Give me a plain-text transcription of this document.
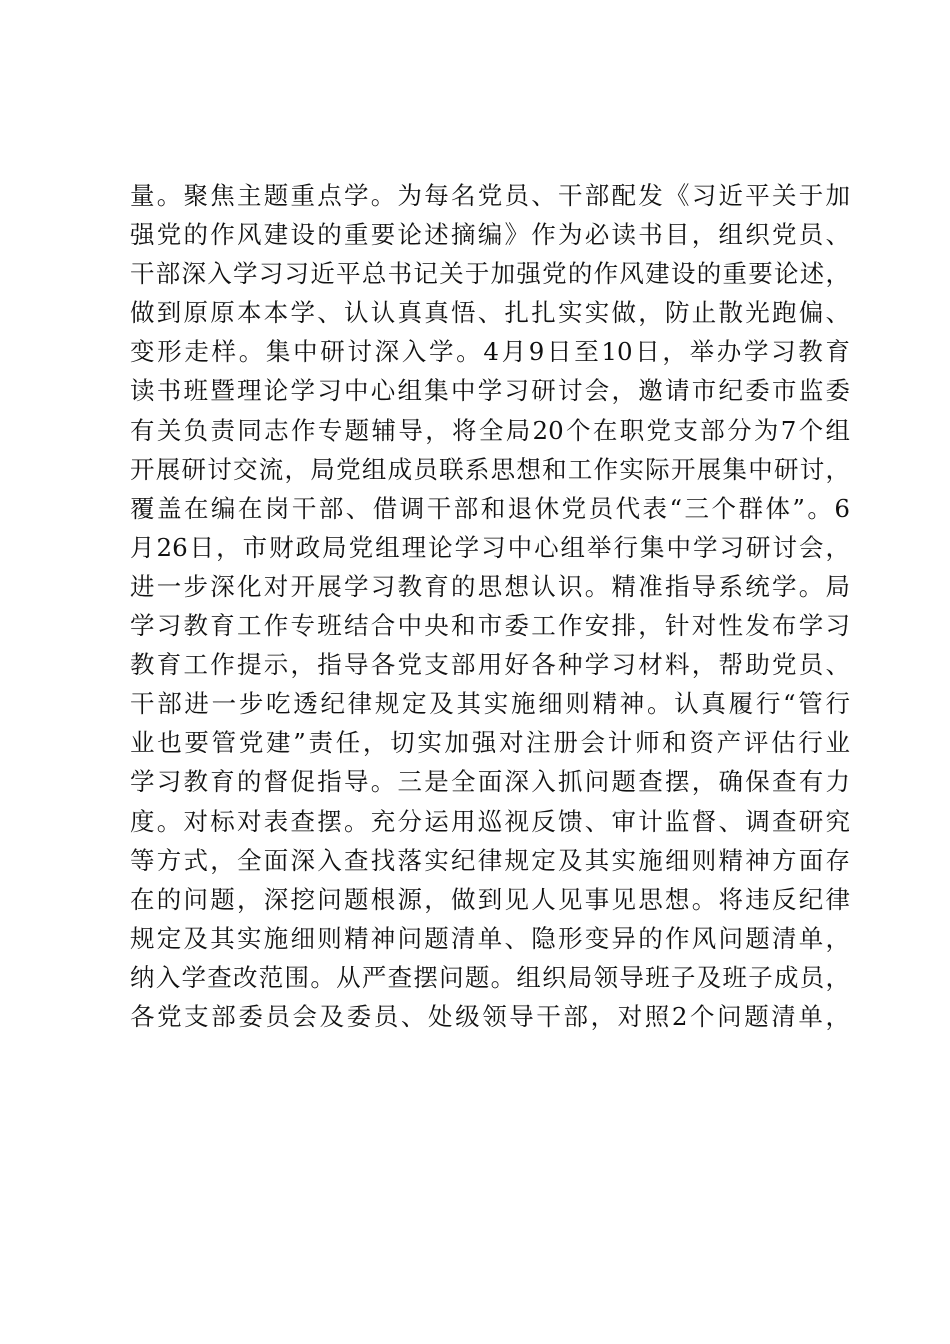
量。聚焦主题重点学。为每名党员、干部配发《习近平关于加
强党的作风建设的重要论述摘编》作为必读书目，组织党员、
干部深入学习习近平总书记关于加强党的作风建设的重要论述，
做到原原本本学、认认真真悟、扎扎实实做，防止散光跑偏、
变形走样。集中研讨深入学。4月9日至10日，举办学习教育
读书班暨理论学习中心组集中学习研讨会，邀请市纪委市监委
有关负责同志作专题辅导，将全局20个在职党支部分为7个组
开展研讨交流，局党组成员联系思想和工作实际开展集中研讨，
覆盖在编在岗干部、借调干部和退休党员代表“三个群体”。6
月26日，市财政局党组理论学习中心组举行集中学习研讨会，
进一步深化对开展学习教育的思想认识。精准指导系统学。局
学习教育工作专班结合中央和市委工作安排，针对性发布学习
教育工作提示，指导各党支部用好各种学习材料，帮助党员、
干部进一步吃透纪律规定及其实施细则精神。认真履行“管行
业也要管党建”责任，切实加强对注册会计师和资产评估行业
学习教育的督促指导。三是全面深入抓问题查摆，确保查有力
度。对标对表查摆。充分运用巡视反馈、审计监督、调查研究
等方式，全面深入查找落实纪律规定及其实施细则精神方面存
在的问题，深挖问题根源，做到见人见事见思想。将违反纪律
规定及其实施细则精神问题清单、隐形变异的作风问题清单，
纳入学查改范围。从严查摆问题。组织局领导班子及班子成员，
各党支部委员会及委员、处级领导干部，对照2个问题清单，
